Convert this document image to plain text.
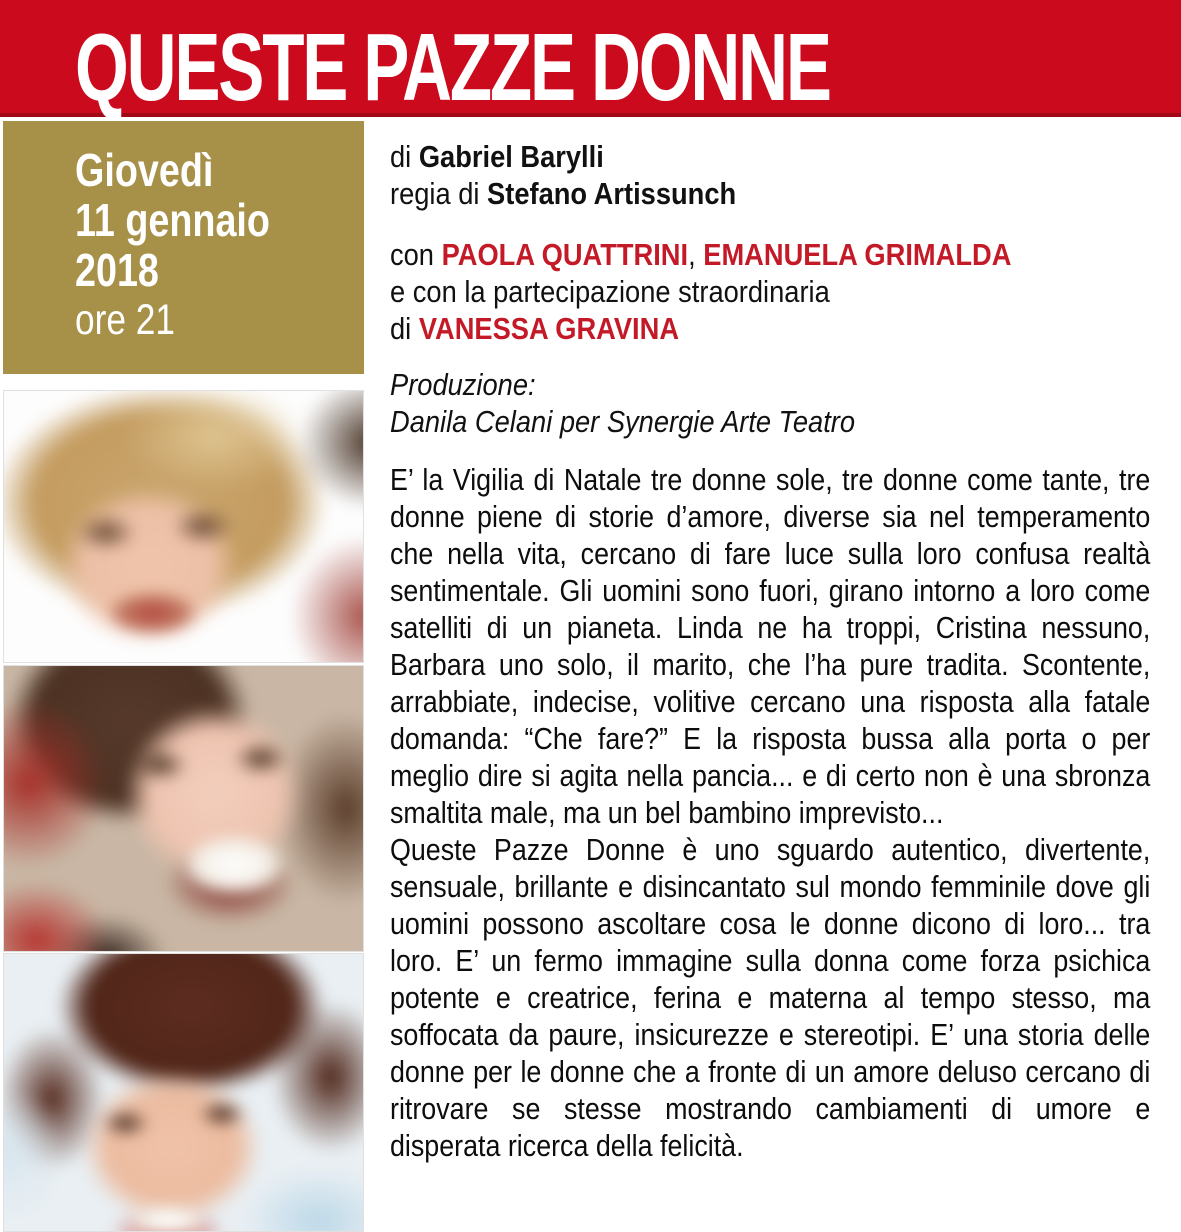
QUESTE PAZZE DONNE
Giovedì
11 gennaio
2018
ore 21
di Gabriel Barylli
regia di Stefano Artissunch
con PAOLA QUATTRINI, EMANUELA GRIMALDA
e con la partecipazione straordinaria
di VANESSA GRAVINA
Produzione:
Danila Celani per Synergie Arte Teatro

E’ la Vigilia di Natale tre donne sole, tre donne come tante, tre donne piene di storie d’amore, diverse sia nel temperamento che nella vita, cercano di fare luce sulla loro confusa realtà sentimentale. Gli uomini sono fuori, girano intorno a loro come satelliti di un pianeta. Linda ne ha troppi, Cristina nessuno, Barbara uno solo, il marito, che l’ha pure tradita. Scontente, arrabbiate, indecise, volitive cercano una risposta alla fatale domanda: “Che fare?” E la risposta bussa alla porta o per meglio dire si agita nella pancia... e di certo non è una sbronza smaltita male, ma un bel bambino imprevisto...

Queste Pazze Donne è uno sguardo autentico, divertente, sensuale, brillante e disincantato sul mondo femminile dove gli uomini possono ascoltare cosa le donne dicono di loro... tra loro. E’ un fermo immagine sulla donna come forza psichica potente e creatrice, ferina e materna al tempo stesso, ma soffocata da paure, insicurezze e stereotipi. E’ una storia delle donne per le donne che a fronte di un amore deluso cercano di ritrovare se stesse mostrando cambiamenti di umore e disperata ricerca della felicità.
